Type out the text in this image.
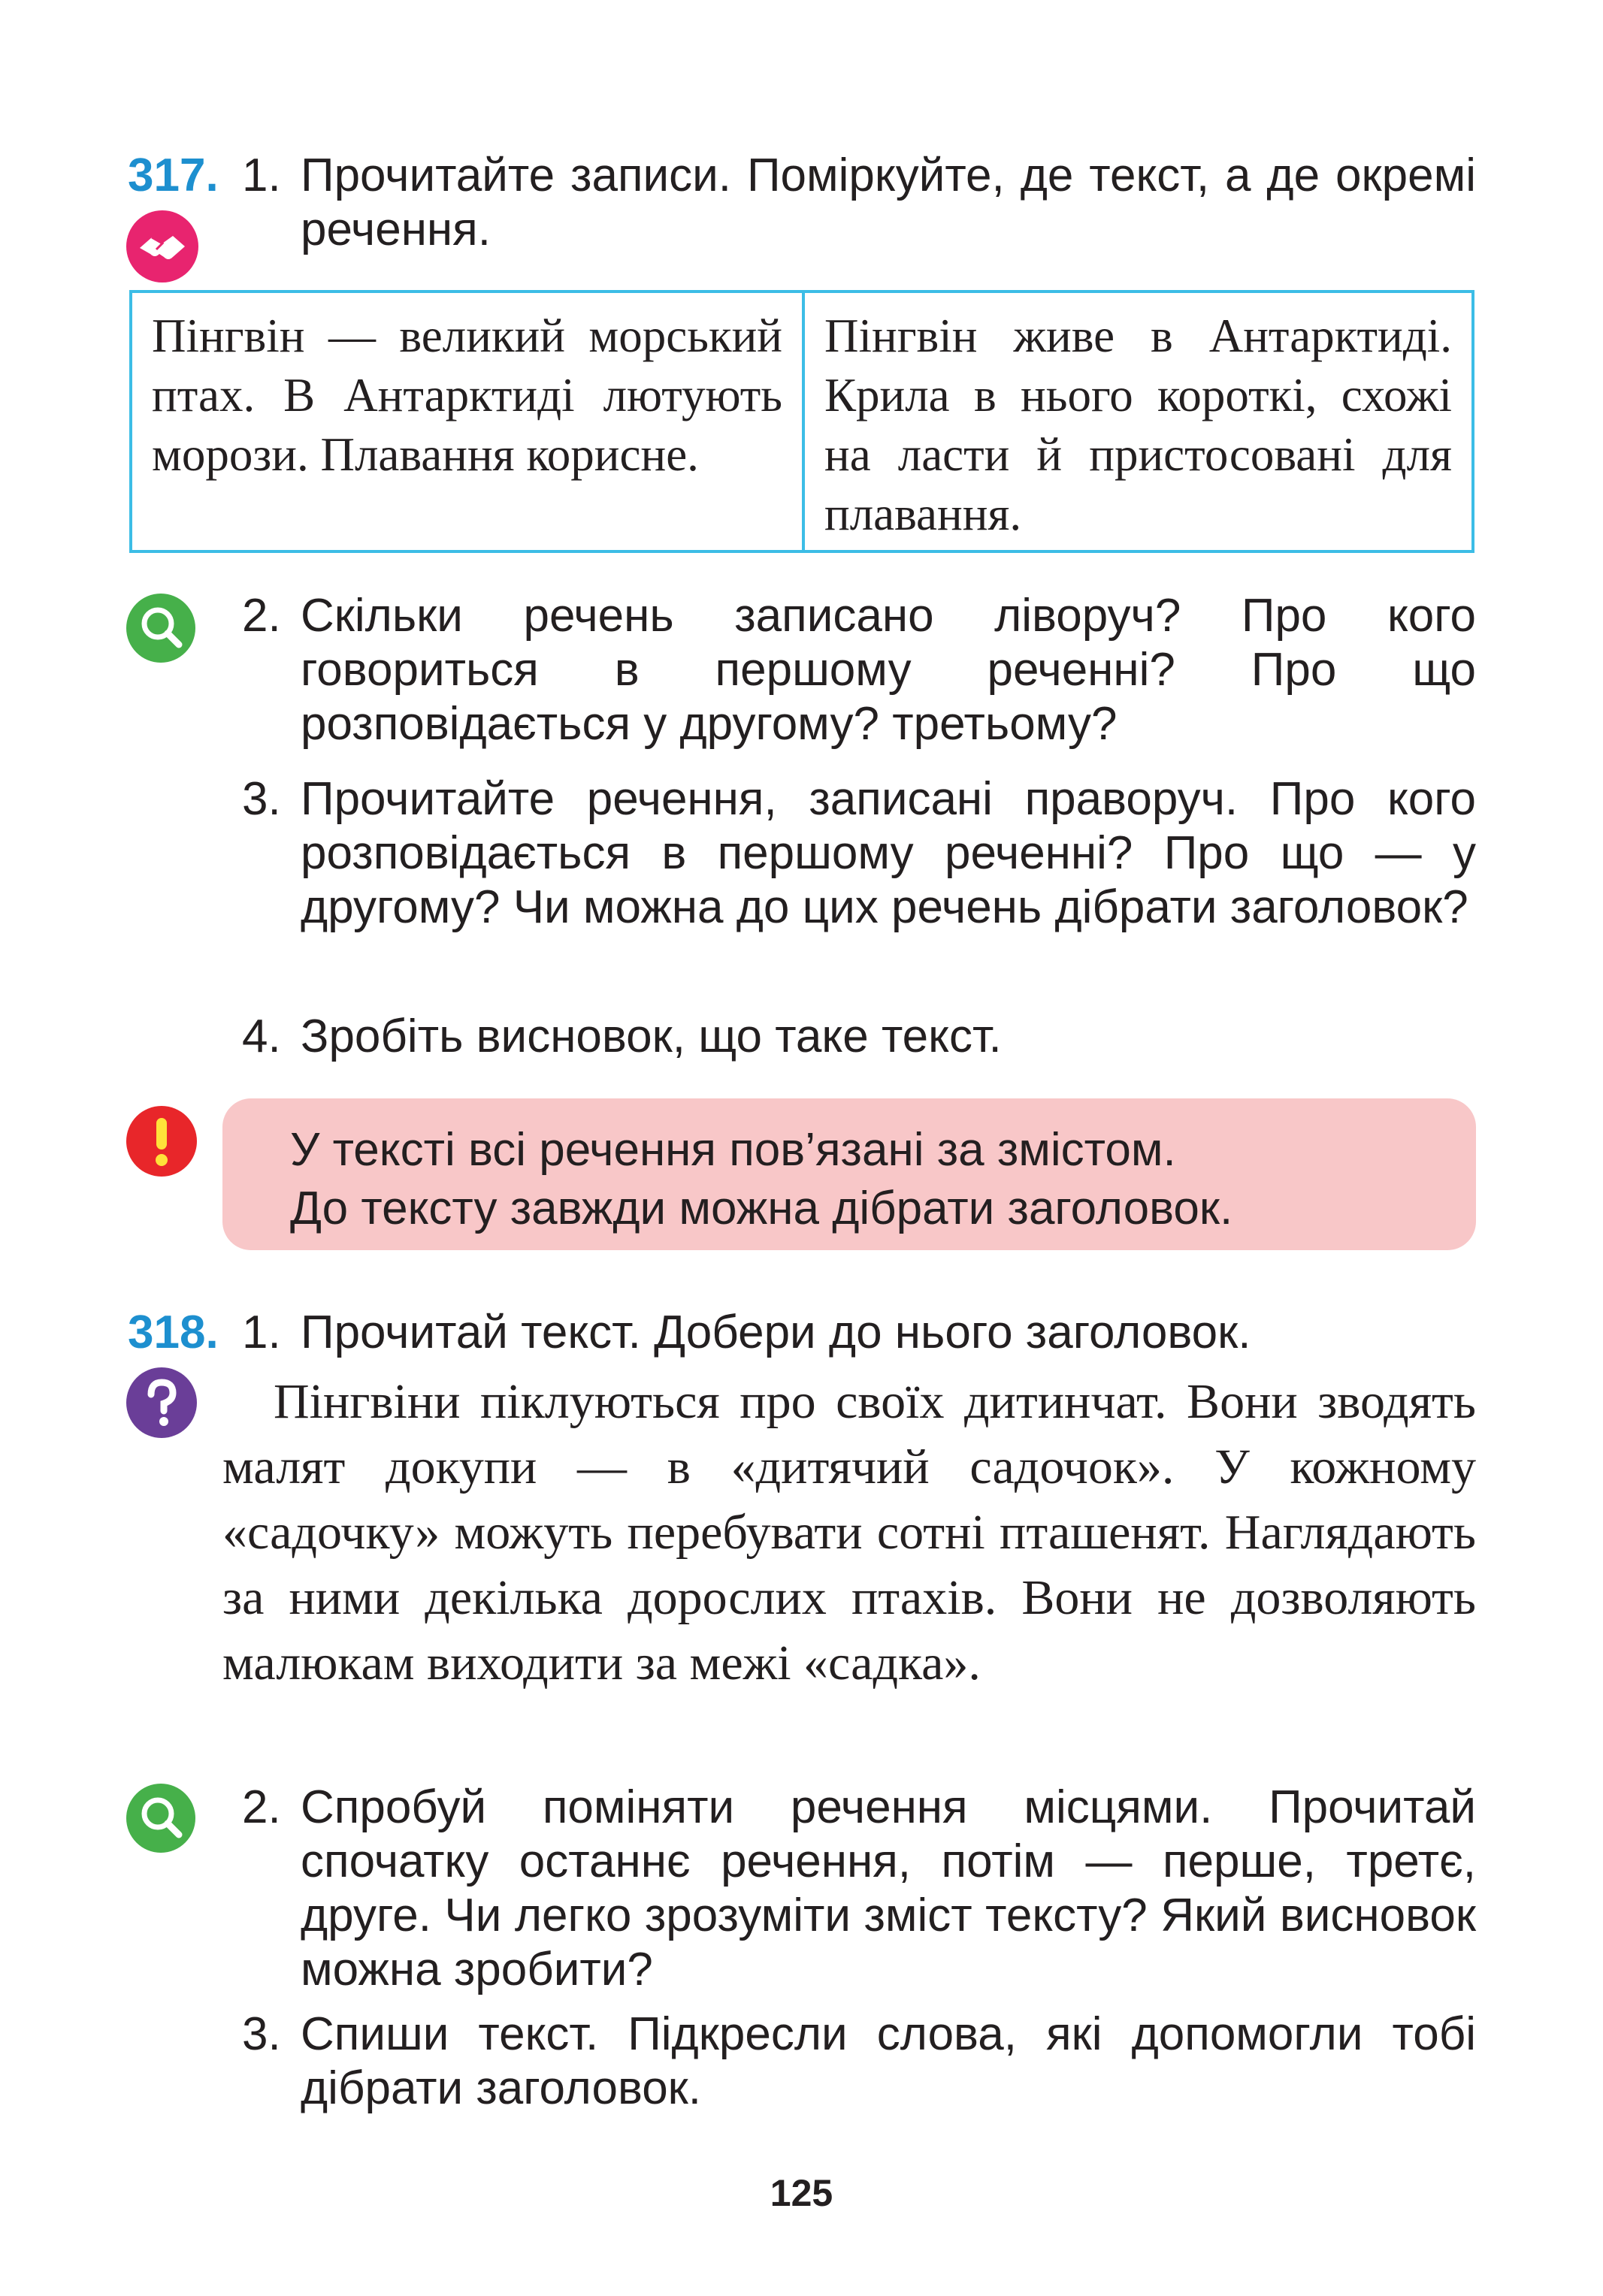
317. 1. Прочитайте записи. Поміркуйте, де текст, а де окремі речення.
Пінгвін — великий морський птах. В Антарктиді лютують морози. Плавання корисне.
Пінгвін живе в Антарктиді. Крила в нього короткі, схожі на ласти й пристосовані для плавання.
2. Скільки речень записано ліворуч? Про кого говориться в першому реченні? Про що розповідається у другому? третьому?
3. Прочитайте речення, записані праворуч. Про кого розповідається в першому реченні? Про що — у другому? Чи можна до цих речень дібрати заголовок?
4. Зробіть висновок, що таке текст.
У тексті всі речення пов’язані за змістом.
До тексту завжди можна дібрати заголовок.
318. 1. Прочитай текст. Добери до нього заголовок.
Пінгвіни піклуються про своїх дитинчат. Вони зводять малят докупи — в «дитячий садочок». У кожному «садочку» можуть перебувати сотні пташенят. Наглядають за ними декілька дорослих птахів. Вони не дозволяють малюкам виходити за межі «садка».
2. Спробуй поміняти речення місцями. Прочитай спочатку останнє речення, потім — перше, третє, друге. Чи легко зрозуміти зміст тексту? Який висновок можна зробити?
3. Спиши текст. Підкресли слова, які допомогли тобі дібрати заголовок.
125
